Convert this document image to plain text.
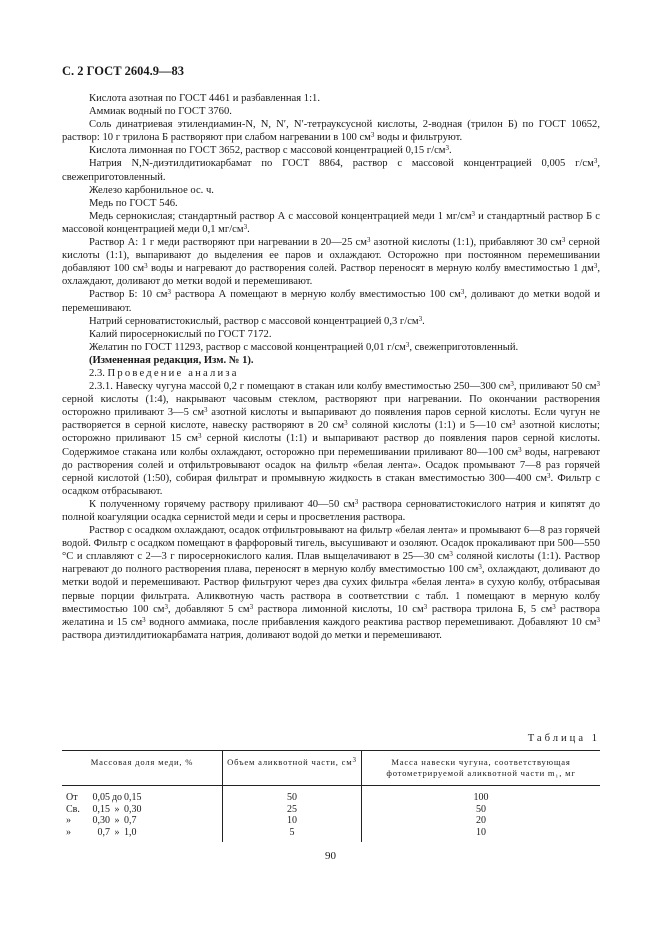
С. 2 ГОСТ 2604.9—83

Кислота азотная по ГОСТ 4461 и разбавленная 1:1.

Аммиак водный по ГОСТ 3760.

Соль динатриевая этилендиамин-N, N, N′, N′-тетрауксусной кислоты, 2-водная (трилон Б) по ГОСТ 10652, раствор: 10 г трилона Б растворяют при слабом нагревании в 100 $см^3$ воды и фильтруют.

Кислота лимонная по ГОСТ 3652, раствор с массовой концентрацией 0,15 $г/см^3$.

Натрия N,N-диэтилдитиокарбамат по ГОСТ 8864, раствор с массовой концентрацией 0,005 $г/см^3$, свежеприготовленный.

Железо карбонильное ос. ч.

Медь по ГОСТ 546.

Медь сернокислая; стандартный раствор А с массовой концентрацией меди 1 $мг/см^3$ и стандартный раствор Б с массовой концентрацией меди 0,1 $мг/см^3$.

Раствор А: 1 г меди растворяют при нагревании в 20—25 $см^3$ азотной кислоты (1:1), прибавляют 30 $см^3$ серной кислоты (1:1), выпаривают до выделения ее паров и охлаждают. Осторожно при постоянном перемешивании добавляют 100 $см^3$ воды и нагревают до растворения солей. Раствор переносят в мерную колбу вместимостью 1 $дм^3$, охлаждают, доливают до метки водой и перемешивают.

Раствор Б: 10 $см^3$ раствора А помещают в мерную колбу вместимостью 100 $см^3$, доливают до метки водой и перемешивают.

Натрий серноватистокислый, раствор с массовой концентрацией 0,3 $г/см^3$.

Калий пиросернокислый по ГОСТ 7172.

Желатин по ГОСТ 11293, раствор с массовой концентрацией 0,01 $г/см^3$, свежеприготовленный.

(Измененная редакция, Изм. № 1).

2.3. Проведение анализа

2.3.1. Навеску чугуна массой 0,2 г помещают в стакан или колбу вместимостью 250—300 $см^3$, приливают 50 $см^3$ серной кислоты (1:4), накрывают часовым стеклом, растворяют при нагревании. По окончании растворения осторожно приливают 3—5 $см^3$ азотной кислоты и выпаривают до появления паров серной кислоты. Если чугун не растворяется в серной кислоте, навеску растворяют в 20 $см^3$ соляной кислоты (1:1) и 5—10 $см^3$ азотной кислоты; осторожно приливают 15 $см^3$ серной кислоты (1:1) и выпаривают раствор до появления паров серной кислоты. Содержимое стакана или колбы охлаждают, осторожно при перемешивании приливают 80—100 $см^3$ воды, нагревают до растворения солей и отфильтровывают осадок на фильтр «белая лента». Осадок промывают 7—8 раз горячей серной кислотой (1:50), собирая фильтрат и промывную жидкость в стакан вместимостью 300—400 $см^3$. Фильтр с осадком отбрасывают.

К полученному горячему раствору приливают 40—50 $см^3$ раствора серноватистокислого натрия и кипятят до полной коагуляции осадка сернистой меди и серы и просветления раствора.

Раствор с осадком охлаждают, осадок отфильтровывают на фильтр «белая лента» и промывают 6—8 раз горячей водой. Фильтр с осадком помещают в фарфоровый тигель, высушивают и озоляют. Осадок прокаливают при 500—550 °С и сплавляют с 2—3 г пиросернокислого калия. Плав выщелачивают в 25—30 $см^3$ соляной кислоты (1:1). Раствор нагревают до полного растворения плава, переносят в мерную колбу вместимостью 100 $см^3$, охлаждают, доливают до метки водой и перемешивают. Раствор фильтруют через два сухих фильтра «белая лента» в сухую колбу, отбрасывая первые порции фильтрата. Аликвотную часть раствора в соответствии с табл. 1 помещают в мерную колбу вместимостью 100 $см^3$, добавляют 5 $см^3$ раствора лимонной кислоты, 10 $см^3$ раствора трилона Б, 5 $см^3$ раствора желатина и 15 $см^3$ водного аммиака, после прибавления каждого реактива раствор перемешивают. Добавляют 10 $см^3$ раствора диэтилдитиокарбамата натрия, доливают водой до метки и перемешивают.

Таблица 1
Массовая доля меди, %	Объем аликвотной части, $см^3$	Масса навески чугуна, соответствующая фотометрируемой аликвотной части m₁, мг
От 0,05 до 0,15	50	100
Св. 0,15 » 0,30	25	50
» 0,30 » 0,7	10	20
» 0,7 » 1,0	5	10
90
